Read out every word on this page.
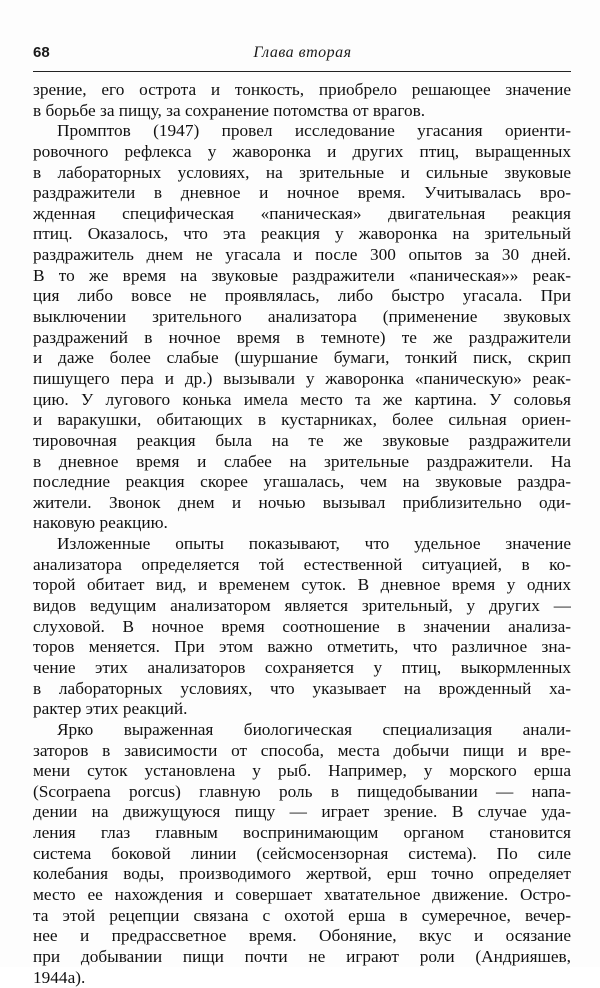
68	Глава вторая
зрение, его острота и тонкость, приобрело решающее значение
в борьбе за пищу, за сохранение потомства от врагов.
Промптов (1947) провел исследование угасания ориенти-
ровочного рефлекса у жаворонка и других птиц, выращенных
в лабораторных условиях, на зрительные и сильные звуковые
раздражители в дневное и ночное время. Учитывалась вро-
жденная специфическая «паническая» двигательная реакция
птиц. Оказалось, что эта реакция у жаворонка на зрительный
раздражитель днем не угасала и после 300 опытов за 30 дней.
В то же время на звуковые раздражители «паническая»» реак-
ция либо вовсе не проявлялась, либо быстро угасала. При
выключении зрительного анализатора (применение звуковых
раздражений в ночное время в темноте) те же раздражители
и даже более слабые (шуршание бумаги, тонкий писк, скрип
пишущего пера и др.) вызывали у жаворонка «паническую» реак-
цию. У лугового конька имела место та же картина. У соловья
и варакушки, обитающих в кустарниках, более сильная ориен-
тировочная реакция была на те же звуковые раздражители
в дневное время и слабее на зрительные раздражители. На
последние реакция скорее угашалась, чем на звуковые раздра-
жители. Звонок днем и ночью вызывал приблизительно оди-
наковую реакцию.
Изложенные опыты показывают, что удельное значение
анализатора определяется той естественной ситуацией, в ко-
торой обитает вид, и временем суток. В дневное время у одних
видов ведущим анализатором является зрительный, у других —
слуховой. В ночное время соотношение в значении анализа-
торов меняется. При этом важно отметить, что различное зна-
чение этих анализаторов сохраняется у птиц, выкормленных
в лабораторных условиях, что указывает на врожденный ха-
рактер этих реакций.
Ярко выраженная биологическая специализация анали-
заторов в зависимости от способа, места добычи пищи и вре-
мени суток установлена у рыб. Например, у морского ерша
(Scorpaena porcus) главную роль в пищедобывании — напа-
дении на движущуюся пищу — играет зрение. В случае уда-
ления глаз главным воспринимающим органом становится
система боковой линии (сейсмосензорная система). По силе
колебания воды, производимого жертвой, ерш точно определяет
место ее нахождения и совершает хватательное движение. Остро-
та этой рецепции связана с охотой ерша в сумеречное, вечер-
нее и предрассветное время. Обоняние, вкус и осязание
при добывании пищи почти не играют роли (Андрияшев,
1944а).
